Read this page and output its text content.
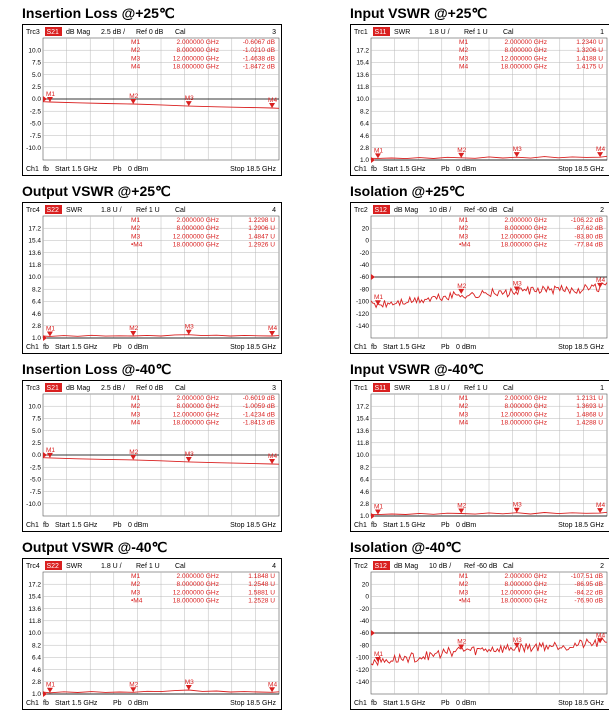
Insertion Loss @+25℃
Trc3 S21 dB Mag 2.5 dB / Ref 0 dB Cal	3
10.0
7.5
5.0
2.5
0.0
-2.5
-5.0
-7.5
-10.0
M1	2.000000 GHz	-0.6067 dB
M2	8.000000 GHz	-1.0210 dB
M3	12.000000 GHz	-1.4638 dB
M4	18.000000 GHz	-1.8472 dB
M1	M2	M3	M4
Ch1 fb Start 1.5 GHz Pb 0 dBm	Stop 18.5 GHz
Input VSWR @+25℃
Trc1 S11 SWR	1.8 U / Ref 1 U Cal	1
17.2
15.4
13.6
11.8
10.0
8.2
6.4
4.6
2.8
1.0
M1	2.000000 GHz	1.2340 U
M2	8.000000 GHz	1.3206 U
M3	12.000000 GHz	1.4188 U
M4	18.000000 GHz	1.4175 U
M1	M2	M3	M4
Ch1 fb Start 1.5 GHz Pb 0 dBm	Stop 18.5 GHz
Output VSWR @+25℃
Trc4 S22 SWR	1.8 U / Ref 1 U Cal	4
17.2
15.4
13.6
11.8
10.0
8.2
6.4
4.6
2.8
1.0
M1	2.000000 GHz	1.2298 U
M2	8.000000 GHz	1.2906 U
M3	12.000000 GHz	1.4847 U
•M4	18.000000 GHz	1.2926 U
M1	M2	M3	M4
Ch1 fb Start 1.5 GHz Pb 0 dBm	Stop 18.5 GHz
Isolation @+25℃
Trc2 S12 dB Mag 10 dB / Ref -60 dB Cal	2
20
0
-20
-40
-60
-80
-100
-120
-140
M1	2.000000 GHz	-106.22 dB
M2	8.000000 GHz	-87.62 dB
M3	12.000000 GHz	-83.80 dB
•M4	18.000000 GHz	-77.84 dB
M1
M2	M3
M4
Ch1 fb Start 1.5 GHz Pb 0 dBm	Stop 18.5 GHz
Insertion Loss @-40℃
Trc3 S21 dB Mag 2.5 dB / Ref 0 dB Cal	3
10.0
7.5
5.0
2.5
0.0
-2.5
-5.0
-7.5
-10.0
M1	2.000000 GHz	-0.6019 dB
M2	8.000000 GHz	-1.0059 dB
M3	12.000000 GHz	-1.4234 dB
M4	18.000000 GHz	-1.8413 dB
M1	M2	M3	M4
Ch1 fb Start 1.5 GHz Pb 0 dBm	Stop 18.5 GHz
Input VSWR @-40℃
Trc1 S11 SWR	1.8 U / Ref 1 U Cal	1
17.2
15.4
13.6
11.8
10.0
8.2
6.4
4.6
2.8
1.0
M1	2.000000 GHz	1.2131 U
M2	8.000000 GHz	1.3693 U
M3	12.000000 GHz	1.4868 U
M4	18.000000 GHz	1.4288 U
M1	M2	M3	M4
Ch1 fb Start 1.5 GHz Pb 0 dBm	Stop 18.5 GHz
Output VSWR @-40℃
Trc4 S22 SWR	1.8 U / Ref 1 U Cal	4
17.2
15.4
13.6
11.8
10.0
8.2
6.4
4.6
2.8
1.0
M1	2.000000 GHz	1.1848 U
M2	8.000000 GHz	1.2548 U
M3	12.000000 GHz	1.5881 U
•M4	18.000000 GHz	1.2528 U
M1	M2	M3	M4
Ch1 fb Start 1.5 GHz Pb 0 dBm	Stop 18.5 GHz
Isolation @-40℃
Trc2 S12 dB Mag 10 dB / Ref -60 dB Cal	2
20
0
-20
-40
-60
-80
-100
-120
-140
M1	2.000000 GHz	-107.51 dB
M2	8.000000 GHz	-86.95 dB
M3	12.000000 GHz	-84.22 dB
•M4	18.000000 GHz	-76.90 dB
M1
M2	M3
M4
Ch1 fb Start 1.5 GHz Pb 0 dBm	Stop 18.5 GHz
